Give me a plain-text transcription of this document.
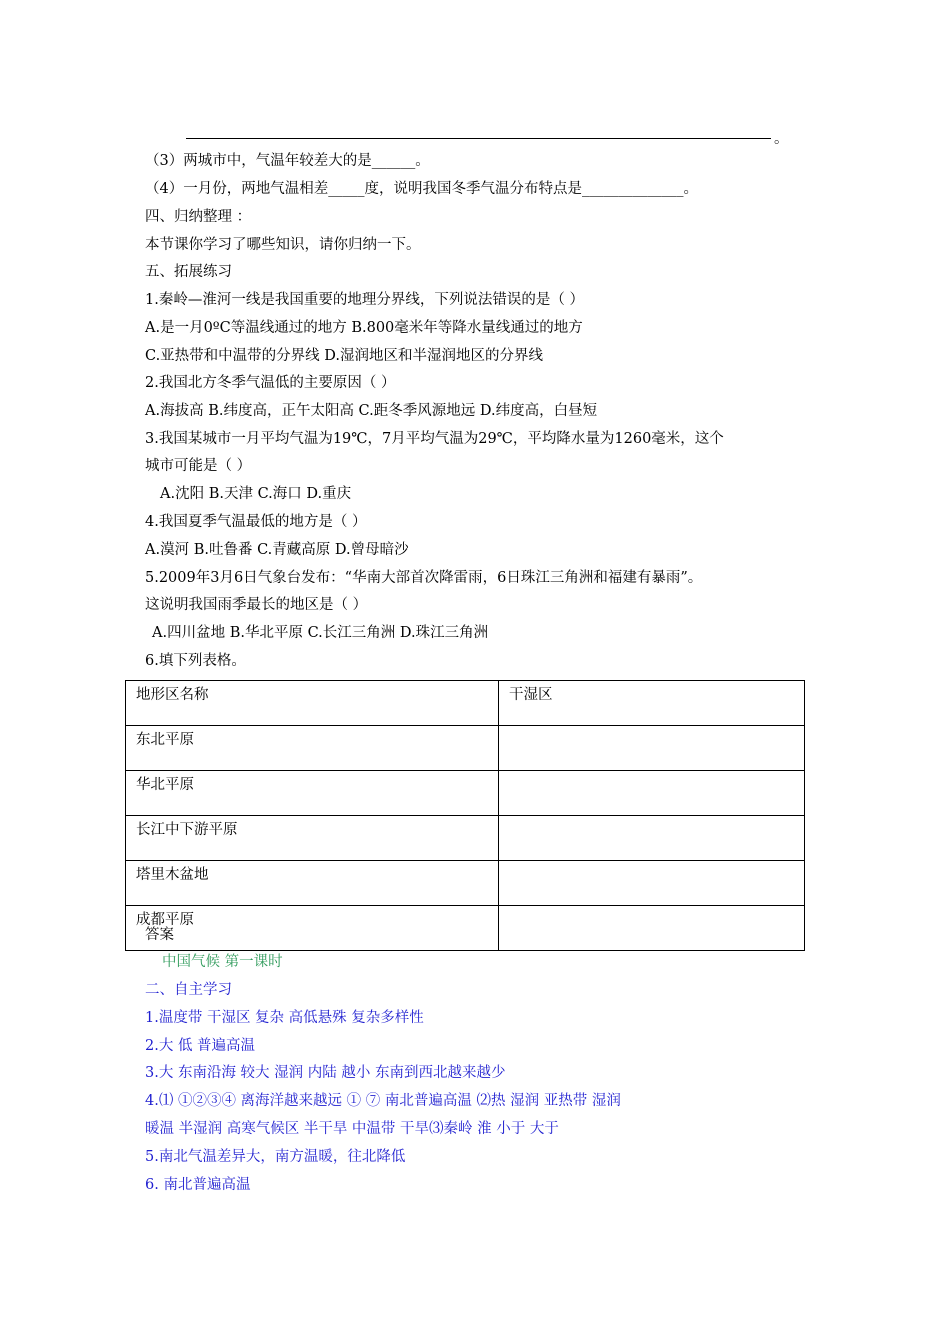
。
（3）两城市中，气温年较差大的是______。
（4）一月份，两地气温相差_____度，说明我国冬季气温分布特点是______________。
四、归纳整理 ：
本节课你学习了哪些知识，请你归纳一下。
五、拓展练习
1.秦岭—淮河一线是我国重要的地理分界线，下列说法错误的是（ ）
A.是一月0ºC等温线通过的地方 B.800毫米年等降水量线通过的地方
C.亚热带和中温带的分界线 D.湿润地区和半湿润地区的分界线
2.我国北方冬季气温低的主要原因（ ）
A.海拔高 B.纬度高，正午太阳高 C.距冬季风源地远 D.纬度高，白昼短
3.我国某城市一月平均气温为19℃，7月平均气温为29℃，平均降水量为1260毫米，这个
城市可能是（ ）
A.沈阳 B.天津 C.海口 D.重庆
4.我国夏季气温最低的地方是（ ）
A.漠河 B.吐鲁番 C.青藏高原 D.曾母暗沙
5.2009年3月6日气象台发布：“华南大部首次降雷雨，6日珠江三角洲和福建有暴雨”。
这说明我国雨季最长的地区是（ ）
A.四川盆地 B.华北平原 C.长江三角洲 D.珠江三角洲
6.填下列表格。
地形区名称	干湿区
东北平原	
华北平原	
长江中下游平原	
塔里木盆地	
成都平原	
答案
中国气候 第一课时
二、自主学习
1.温度带 干湿区 复杂 高低悬殊 复杂多样性
2.大 低 普遍高温
3.大 东南沿海 较大 湿润 内陆 越小 东南到西北越来越少
4.⑴ ①②③④ 离海洋越来越远 ① ⑦ 南北普遍高温 ⑵热 湿润 亚热带 湿润
暖温 半湿润 高寒气候区 半干旱 中温带 干旱⑶秦岭 淮 小于 大于
5.南北气温差异大，南方温暖，往北降低
6. 南北普遍高温
